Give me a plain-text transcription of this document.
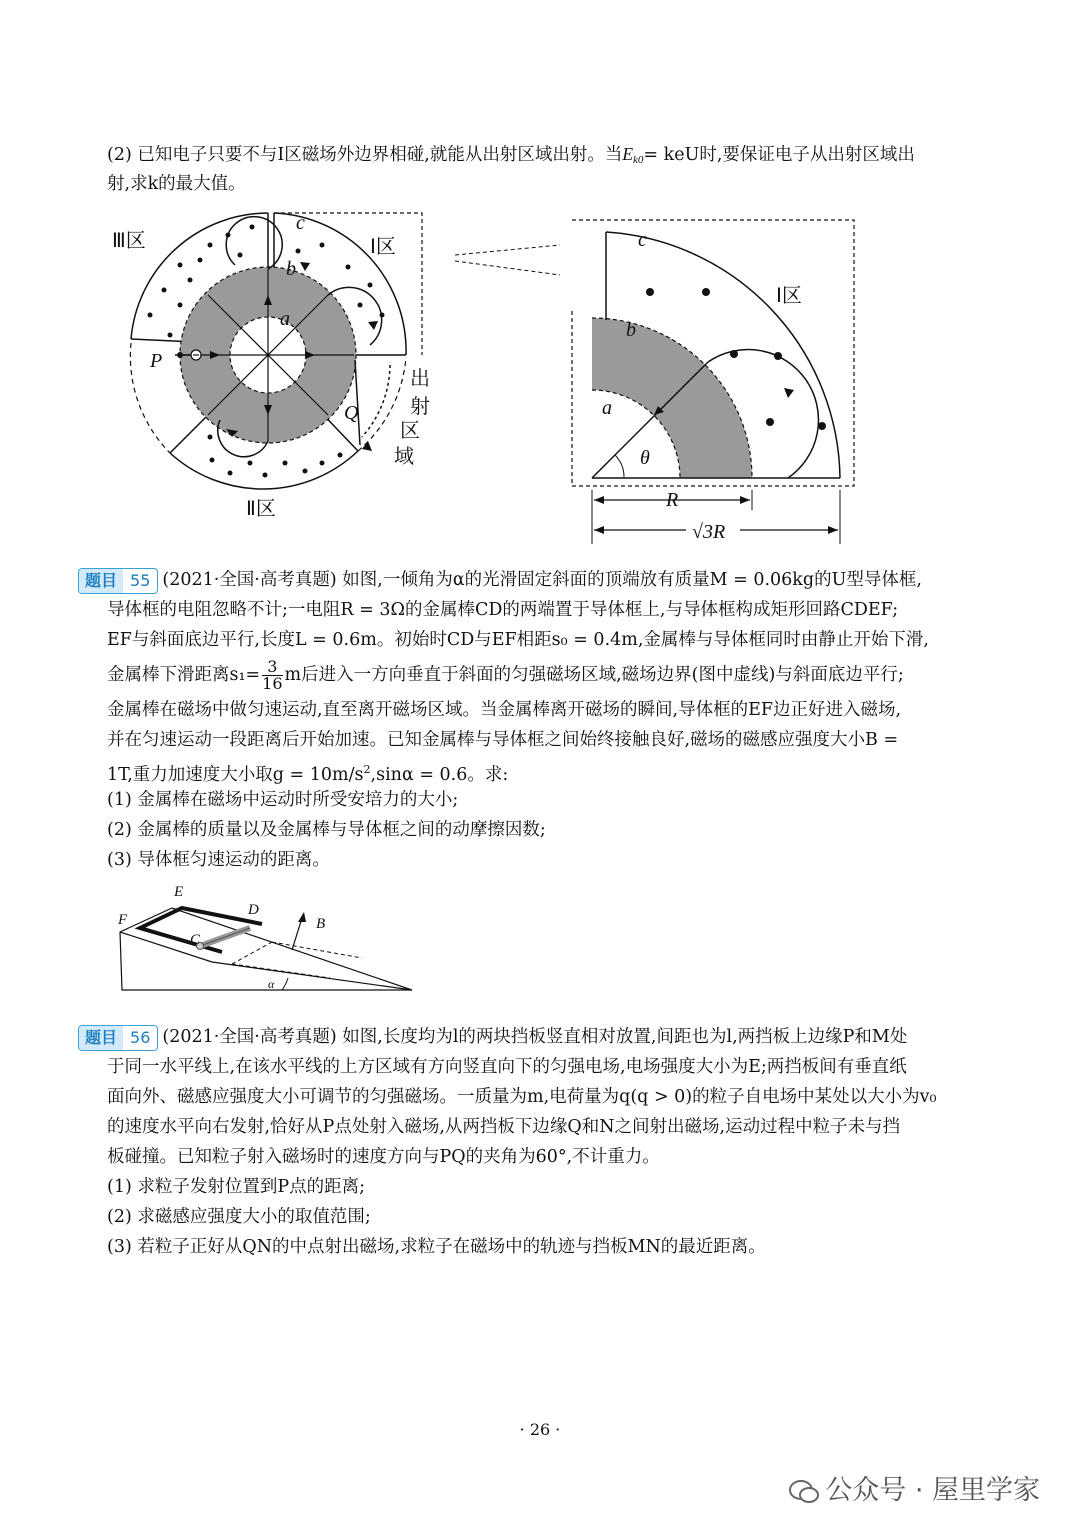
(2) 已知电子只要不与Ⅰ区磁场外边界相碰,就能从出射区域出射。当$E_{k0}=$ keU时,要保证电子从出射区域出
射,求k的最大值。
Ⅲ区	Ⅰ区
Ⅱ区
P
Q
a
b
c
出
射
区
域
Ⅰ区
c
b
a
θ
R
√3R
题目 55 (2021·全国·高考真题) 如图,一倾角为α的光滑固定斜面的顶端放有质量M = 0.06kg的U型导体框,
导体框的电阻忽略不计;一电阻R = 3Ω的金属棒CD的两端置于导体框上,与导体框构成矩形回路CDEF;
EF与斜面底边平行,长度L = 0.6m。初始时CD与EF相距s₀ = 0.4m,金属棒与导体框同时由静止开始下滑,
金属棒下滑距离$s_1= \frac{3}{16}$ m后进入一方向垂直于斜面的匀强磁场区域,磁场边界(图中虚线)与斜面底边平行;
金属棒在磁场中做匀速运动,直至离开磁场区域。当金属棒离开磁场的瞬间,导体框的EF边正好进入磁场,
并在匀速运动一段距离后开始加速。已知金属棒与导体框之间始终接触良好,磁场的磁感应强度大小B =
1T,重力加速度大小取$g = 10m/s^2,\sin\alpha = 0.6$。求:
(1) 金属棒在磁场中运动时所受安培力的大小;
(2) 金属棒的质量以及金属棒与导体框之间的动摩擦因数;
(3) 导体框匀速运动的距离。
E
F
D
C
B
α
题目 56 (2021·全国·高考真题) 如图,长度均为l的两块挡板竖直相对放置,间距也为l,两挡板上边缘P和M处
于同一水平线上,在该水平线的上方区域有方向竖直向下的匀强电场,电场强度大小为E;两挡板间有垂直纸
面向外、磁感应强度大小可调节的匀强磁场。一质量为m,电荷量为q(q > 0)的粒子自电场中某处以大小为v₀
的速度水平向右发射,恰好从P点处射入磁场,从两挡板下边缘Q和N之间射出磁场,运动过程中粒子未与挡
板碰撞。已知粒子射入磁场时的速度方向与PQ的夹角为60°,不计重力。
(1) 求粒子发射位置到P点的距离;
(2) 求磁感应强度大小的取值范围;
(3) 若粒子正好从QN的中点射出磁场,求粒子在磁场中的轨迹与挡板MN的最近距离。
· 26 ·
公众号 · 屋里学家
